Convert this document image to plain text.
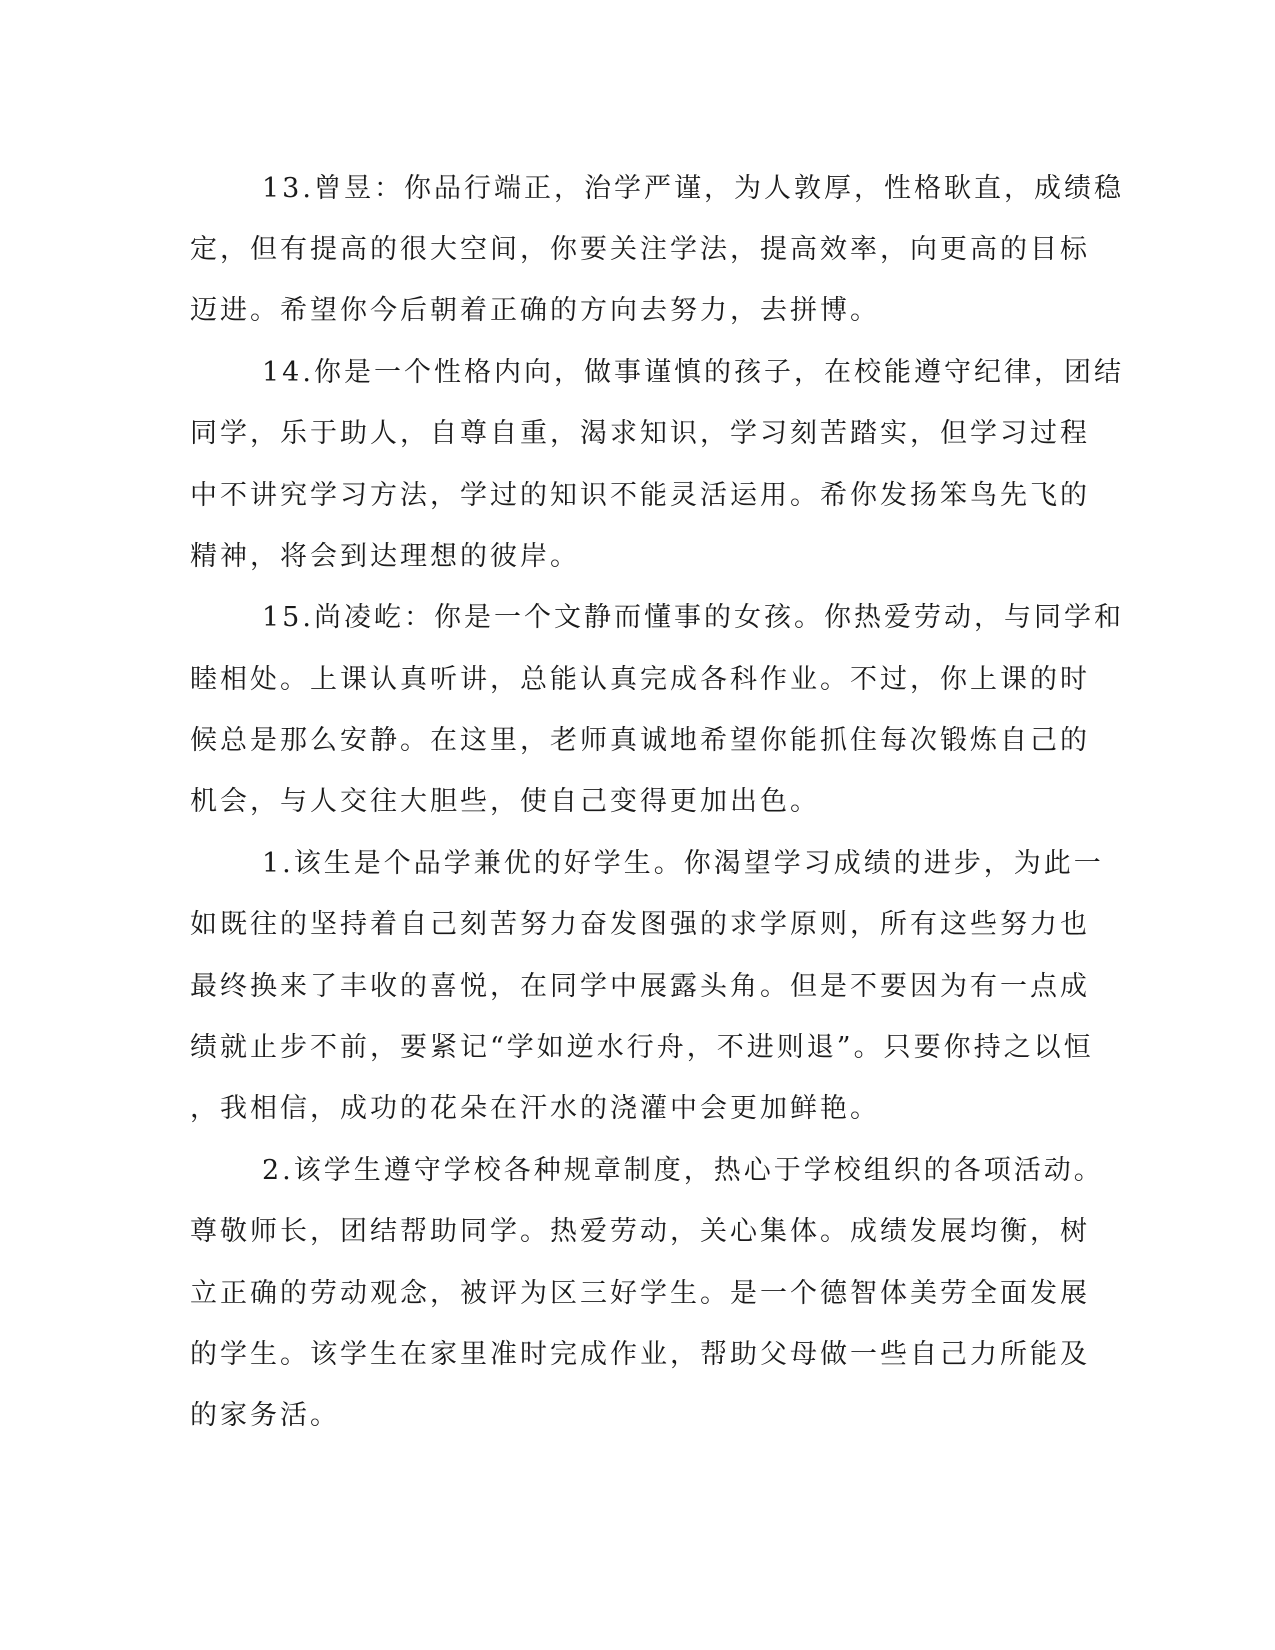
13.曾昱：你品行端正，治学严谨，为人敦厚，性格耿直，成绩稳
定，但有提高的很大空间，你要关注学法，提高效率，向更高的目标
迈进。希望你今后朝着正确的方向去努力，去拼博。
14.你是一个性格内向，做事谨慎的孩子，在校能遵守纪律，团结
同学，乐于助人，自尊自重，渴求知识，学习刻苦踏实，但学习过程
中不讲究学习方法，学过的知识不能灵活运用。希你发扬笨鸟先飞的
精神，将会到达理想的彼岸。
15.尚凌屹：你是一个文静而懂事的女孩。你热爱劳动，与同学和
睦相处。上课认真听讲，总能认真完成各科作业。不过，你上课的时
候总是那么安静。在这里，老师真诚地希望你能抓住每次锻炼自己的
机会，与人交往大胆些，使自己变得更加出色。
1.该生是个品学兼优的好学生。你渴望学习成绩的进步，为此一
如既往的坚持着自己刻苦努力奋发图强的求学原则，所有这些努力也
最终换来了丰收的喜悦，在同学中展露头角。但是不要因为有一点成
绩就止步不前，要紧记“学如逆水行舟，不进则退”。只要你持之以恒
，我相信，成功的花朵在汗水的浇灌中会更加鲜艳。
2.该学生遵守学校各种规章制度，热心于学校组织的各项活动。
尊敬师长，团结帮助同学。热爱劳动，关心集体。成绩发展均衡，树
立正确的劳动观念，被评为区三好学生。是一个德智体美劳全面发展
的学生。该学生在家里准时完成作业，帮助父母做一些自己力所能及
的家务活。
